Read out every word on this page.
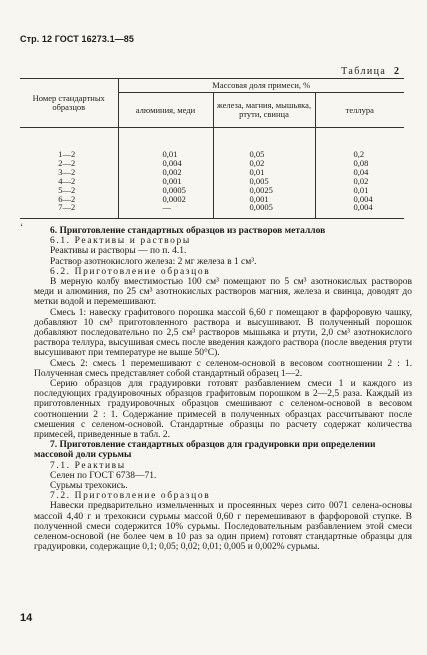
Стр. 12 ГОСТ 16273.1—85
Таблица 2
Номер стандартных образцов	Массовая доля примеси, %		
	алюминия, меди	железа, магния, мышьяка, ртути, свинца	теллура
1—2	0,01	0,05	0,2
2—2	0,004	0,02	0,08
3—2	0,002	0,01	0,04
4—2	0,001	0,005	0,02
5—2	0,0005	0,0025	0,01
6—2	0,0002	0,001	0,004
7—2	—	0,0005	0,004
‘	6. Приготовление стандартных образцов из растворов металлов

6.1. Реактивы и растворы

Реактивы и растворы — по п. 4.1.

Раствор азотнокислого железа: 2 мг железа в 1 см³.

6.2. Приготовление образцов

В мерную колбу вместимостью 100 см³ помещают по 5 см³ азотнокислых растворов меди и алюминия, по 25 см³ азотнокислых растворов магния, железа и свинца, доводят до метки водой и перемешивают.

Смесь 1: навеску графитового порошка массой 6,60 г помещают в фарфоровую чашку, добавляют 10 см³ приготовленного раствора и высушивают. В полученный порошок добавляют последовательно по 2,5 см³ растворов мышьяка и ртути, 2,0 см³ азотнокислого раствора теллура, высушивая смесь после введения каждого раствора (после введения ртути высушивают при температуре не выше 50°С).

Смесь 2: смесь 1 перемешивают с селеном-основой в весовом соотношении 2 : 1. Полученная смесь представляет собой стандартный образец 1—2.

Серию образцов для градуировки готовят разбавлением смеси 1 и каждого из последующих градуировочных образцов графитовым порошком в 2—2,5 раза. Каждый из приготовленных градуировочных образцов смешивают с селеном-основой в весовом соотношении 2 : 1. Содержание примесей в полученных образцах рассчитывают после смешения с селеном-основой. Стандартные образцы по расчету содержат количества примесей, приведенные в табл. 2.

7. Приготовление стандартных образцов для градуировки при определении массовой доли сурьмы

7.1. Реактивы

Селен по ГОСТ 6738—71.

Сурьмы трехокись.

7.2. Приготовление образцов

Навески предварительно измельченных и просеянных через сито 0071 селена-основы массой 4,40 г и трехокиси сурьмы массой 0,60 г перемешивают в фарфоровой ступке. В полученной смеси содержится 10% сурьмы. Последовательным разбавлением этой смеси селеном-основой (не более чем в 10 раз за один прием) готовят стандартные образцы для градуировки, содержащие 0,1; 0,05; 0,02; 0,01; 0,005 и 0,002% сурьмы.

14
